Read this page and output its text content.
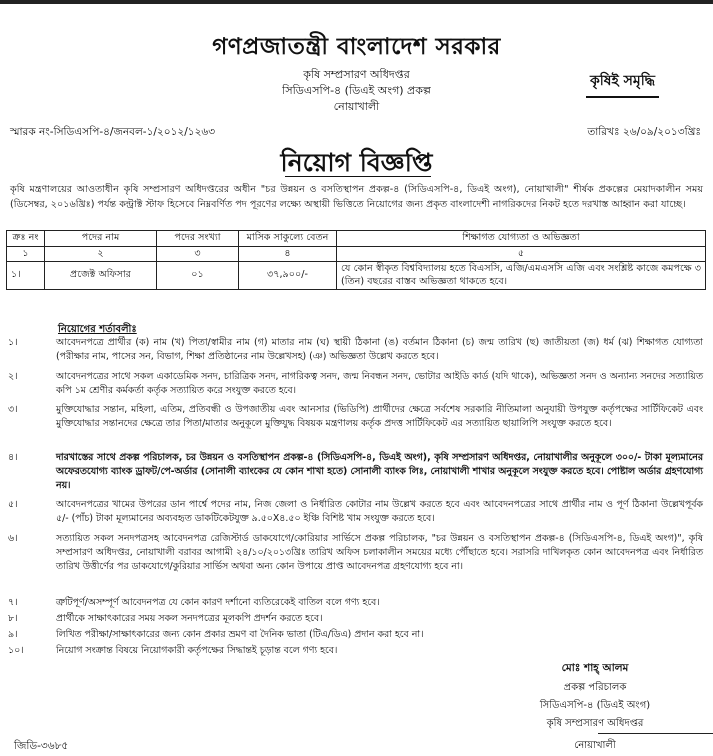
গণপ্রজাতন্ত্রী বাংলাদেশ সরকার
কৃষি সম্প্রসারণ অধিদপ্তর
সিডিএসপি-৪ (ডিএই অংগ) প্রকল্প
নোয়াখালী
কৃষিই সমৃদ্ধি
স্মারক নং-সিডিএসপি-৪/জনবল-১/২০১২/১২৬৩	তারিখঃ ২৬/০৯/২০১৩খ্রিঃ
নিয়োগ বিজ্ঞপ্তি
কৃষি মন্ত্রণালয়ের আওতাধীন কৃষি সম্প্রসারণ অধিদপ্তরের অধীন "চর উন্নয়ন ও বসতিস্থাপন প্রকল্প-৪ (সিডিএসপি-৪, ডিএই অংগ), নোয়াখালী" শীর্ষক প্রকল্পের মেয়াদকালীন সময় (ডিসেম্বর, ২০১৬খ্রিঃ) পর্যন্ত কন্ট্রাক্ট স্টাফ হিসেবে নিম্নবর্ণিত পদ পূরণের লক্ষ্যে অস্থায়ী ভিত্তিতে নিয়োগের জন্য প্রকৃত বাংলাদেশী নাগরিকদের নিকট হতে দরখাস্ত আহ্বান করা যাচ্ছে।
ক্রঃ নং	পদের নাম	পদের সংখ্যা	মাসিক সাকুল্যে বেতন	শিক্ষাগত যোগ্যতা ও অভিজ্ঞতা
১	২	৩	৪	৫
১।	প্রজেক্ট অফিসার	০১	৩৭,৯০০/-	যে কোন স্বীকৃত বিশ্ববিদ্যালয় হতে বিএসসি, এজি/এমএসসি এজি এবং সংশ্লিষ্ট কাজে কমপক্ষে ৩ (তিন) বছরের বাস্তব অভিজ্ঞতা থাকতে হবে।
নিয়োগের শর্তাবলীঃ
১।	আবেদনপত্রে প্রার্থীর (ক) নাম (খ) পিতা/স্বামীর নাম (গ) মাতার নাম (ঘ) স্থায়ী ঠিকানা (ঙ) বর্তমান ঠিকানা (চ) জন্ম তারিখ (ছ) জাতীয়তা (জ) ধর্ম (ঝ) শিক্ষাগত যোগ্যতা (পরীক্ষার নাম, পাসের সন, বিভাগ, শিক্ষা প্রতিষ্ঠানের নাম উল্লেখসহ) (ঞ) অভিজ্ঞতা উল্লেখ করতে হবে।
২।	আবেদনপত্রের সাথে সকল একাডেমিক সনদ, চারিত্রিক সনদ, নাগরিকত্ব সনদ, জন্ম নিবন্ধন সনদ, ভোটার আইডি কার্ড (যদি থাকে), অভিজ্ঞতা সনদ ও অন্যান্য সনদের সত্যায়িত কপি ১ম শ্রেণীর কর্মকর্তা কর্তৃক সত্যায়িত করে সংযুক্ত করতে হবে।
৩।	মুক্তিযোদ্ধার সন্তান, মহিলা, এতিম, প্রতিবন্ধী ও উপজাতীয় এবং আনসার (ভিডিপি) প্রার্থীদের ক্ষেত্রে সর্বশেষ সরকারি নীতিমালা অনুযায়ী উপযুক্ত কর্তৃপক্ষের সার্টিফিকেট এবং মুক্তিযোদ্ধার সন্তানদের ক্ষেত্রে তার পিতা/মাতার অনুকূলে মুক্তিযুদ্ধ বিষয়ক মন্ত্রণালয় কর্তৃক প্রদত্ত সার্টিফিকেট এর সত্যায়িত ছায়ালিপি সংযুক্ত করতে হবে।
৪।	দারখাস্তের সাথে প্রকল্প পরিচালক, চর উন্নয়ন ও বসতিস্থাপন প্রকল্প-৪ (সিডিএসপি-৪, ডিএই অংগ), কৃষি সম্প্রসারণ অধিদপ্তর, নোয়াখালীর অনুকূলে ৩০০/- টাকা মূল্যমানের অফেরতযোগ্য ব্যাংক ড্রাফট/পে-অর্ডার (সোনালী ব্যাংকের যে কোন শাখা হতে) সোনালী ব্যাংক লিঃ, নোয়াখালী শাখার অনুকূলে সংযুক্ত করতে হবে। পোষ্টাল অর্ডার গ্রহণযোগ্য নয়।
৫।	আবেদনপত্রের খামের উপরের ডান পার্শ্বে পদের নাম, নিজ জেলা ও নির্ধারিত কোটার নাম উল্লেখ করতে হবে এবং আবেদনপত্রের সাথে প্রার্থীর নাম ও পূর্ণ ঠিকানা উল্লেখপূর্বক ৫/- (পাঁচ) টাকা মূল্যমানের অব্যবহৃত ডাকটিকেটযুক্ত ৯.৫০X৪.৫০ ইঞ্চি বিশিষ্ট খাম সংযুক্ত করতে হবে।
৬।	সত্যায়িত সকল সনদপত্রসহ আবেদনপত্র রেজিস্টার্ড ডাকযোগে/কোরিয়ার সার্ভিসে প্রকল্প পরিচালক, "চর উন্নয়ন ও বসতিস্থাপন প্রকল্প-৪ (সিডিএসপি-৪, ডিএই অংগ)", কৃষি সম্প্রসারণ অধিদপ্তর, নোয়াখালী বরাবর আগামী ২৪/১০/২০১৩খ্রিঃ তারিখ অফিস চলাকালীন সময়ের মধ্যে পৌঁছাতে হবে। সরাসরি দাখিলকৃত কোন আবেদনপত্র এবং নির্ধারিত তারিখ উত্তীর্ণের পর ডাকযোগে/কুরিয়ার সার্ভিস অথবা অন্য কোন উপায়ে প্রাপ্ত আবেদনপত্র গ্রহণযোগ্য হবে না।
৭।	ত্রুটিপূর্ণ/অসম্পূর্ণ আবেদনপত্র যে কোন কারণ দর্শানো ব্যতিরেকেই বাতিল বলে গণ্য হবে।
৮।	প্রার্থীকে সাক্ষাৎকারের সময় সকল সনদপত্রের মূলকপি প্রদর্শন করতে হবে।
৯।	লিখিত পরীক্ষা/সাক্ষাৎকারের জন্য কোন প্রকার ভ্রমণ বা দৈনিক ভাতা (টিএ/ডিএ) প্রদান করা হবে না।
১০।	নিয়োগ সংক্রান্ত বিষয়ে নিয়োগকারী কর্তৃপক্ষের সিদ্ধান্তই চূড়ান্ত বলে গণ্য হবে।
মোঃ শাহ্ আলম
প্রকল্প পরিচালক
সিডিএসপি-৪ (ডিএই অংগ)
কৃষি সম্প্রসারণ অধিদপ্তর
নোয়াখালী
জিডি-৩৬৮৫
